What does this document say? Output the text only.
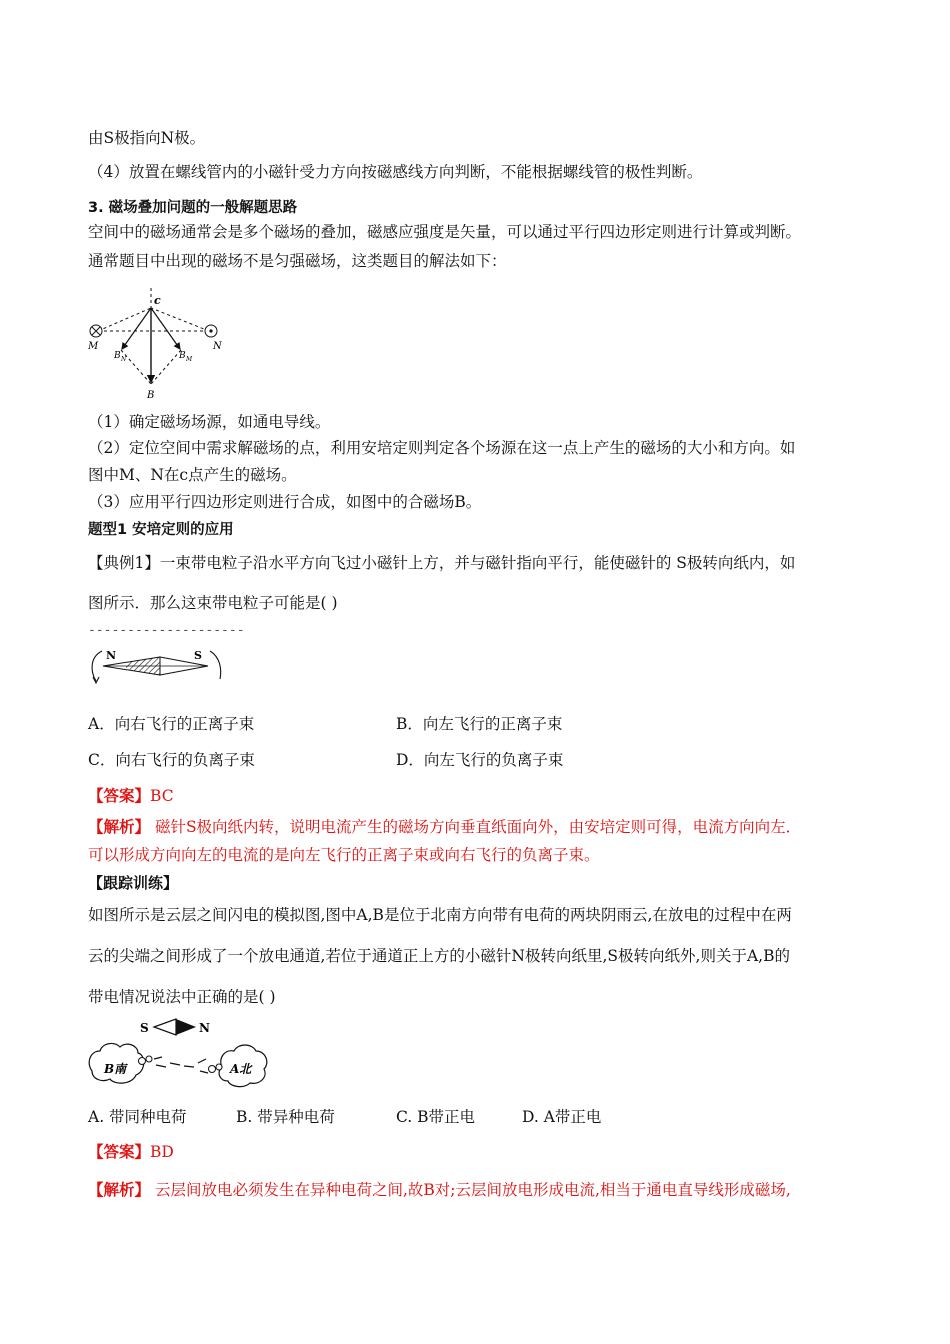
由S极指向N极。
（4）放置在螺线管内的小磁针受力方向按磁感线方向判断，不能根据螺线管的极性判断。
3. 磁场叠加问题的一般解题思路
空间中的磁场通常会是多个磁场的叠加，磁感应强度是矢量，可以通过平行四边形定则进行计算或判断。
通常题目中出现的磁场不是匀强磁场，这类题目的解法如下：
c
M	N
B N	B M
B
（1）确定磁场场源，如通电导线。
（2）定位空间中需求解磁场的点，利用安培定则判定各个场源在这一点上产生的磁场的大小和方向。如
图中M、N在c点产生的磁场。
（3）应用平行四边形定则进行合成，如图中的合磁场B。
题型1 安培定则的应用
【典例1】一束带电粒子沿水平方向飞过小磁针上方，并与磁针指向平行，能使磁针的 S极转向纸内，如
图所示．那么这束带电粒子可能是( )
--------------------
N	S
A．向右飞行的正离子束	B．向左飞行的正离子束
C．向右飞行的负离子束	D．向左飞行的负离子束
【答案】BC
【解析】 磁针S极向纸内转，说明电流产生的磁场方向垂直纸面向外，由安培定则可得，电流方向向左．
可以形成方向向左的电流的是向左飞行的正离子束或向右飞行的负离子束。
【跟踪训练】
如图所示是云层之间闪电的模拟图,图中A,B是位于北南方向带有电荷的两块阴雨云,在放电的过程中在两
云的尖端之间形成了一个放电通道,若位于通道正上方的小磁针N极转向纸里,S极转向纸外,则关于A,B的
带电情况说法中正确的是( )
S	N
B南	A北
A. 带同种电荷	B. 带异种电荷	C. B带正电	D. A带正电
【答案】BD
【解析】 云层间放电必须发生在异种电荷之间,故B对;云层间放电形成电流,相当于通电直导线形成磁场,
